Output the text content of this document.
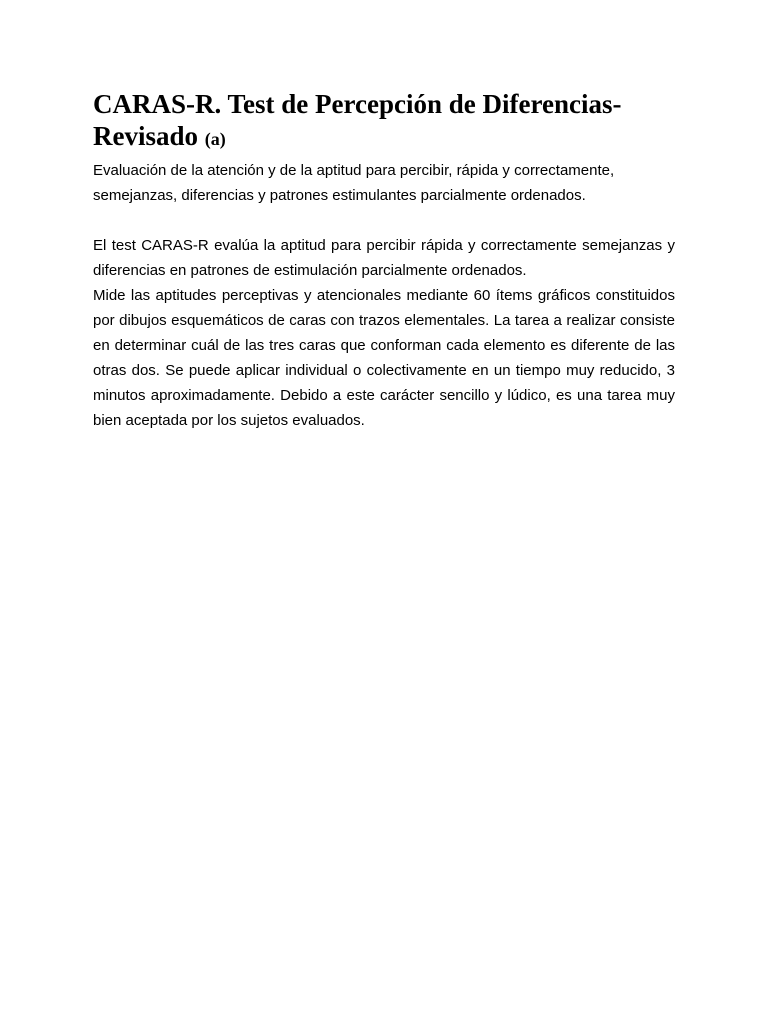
CARAS-R. Test de Percepción de Diferencias-Revisado (a)

Evaluación de la atención y de la aptitud para percibir, rápida y correctamente, semejanzas, diferencias y patrones estimulantes parcialmente ordenados.

El test CARAS-R evalúa la aptitud para percibir rápida y correctamente semejanzas y diferencias en patrones de estimulación parcialmente ordenados.

Mide las aptitudes perceptivas y atencionales mediante 60 ítems gráficos constituidos por dibujos esquemáticos de caras con trazos elementales. La tarea a realizar consiste en determinar cuál de las tres caras que conforman cada elemento es diferente de las otras dos. Se puede aplicar individual o colectivamente en un tiempo muy reducido, 3 minutos aproximadamente. Debido a este carácter sencillo y lúdico, es una tarea muy bien aceptada por los sujetos evaluados.
